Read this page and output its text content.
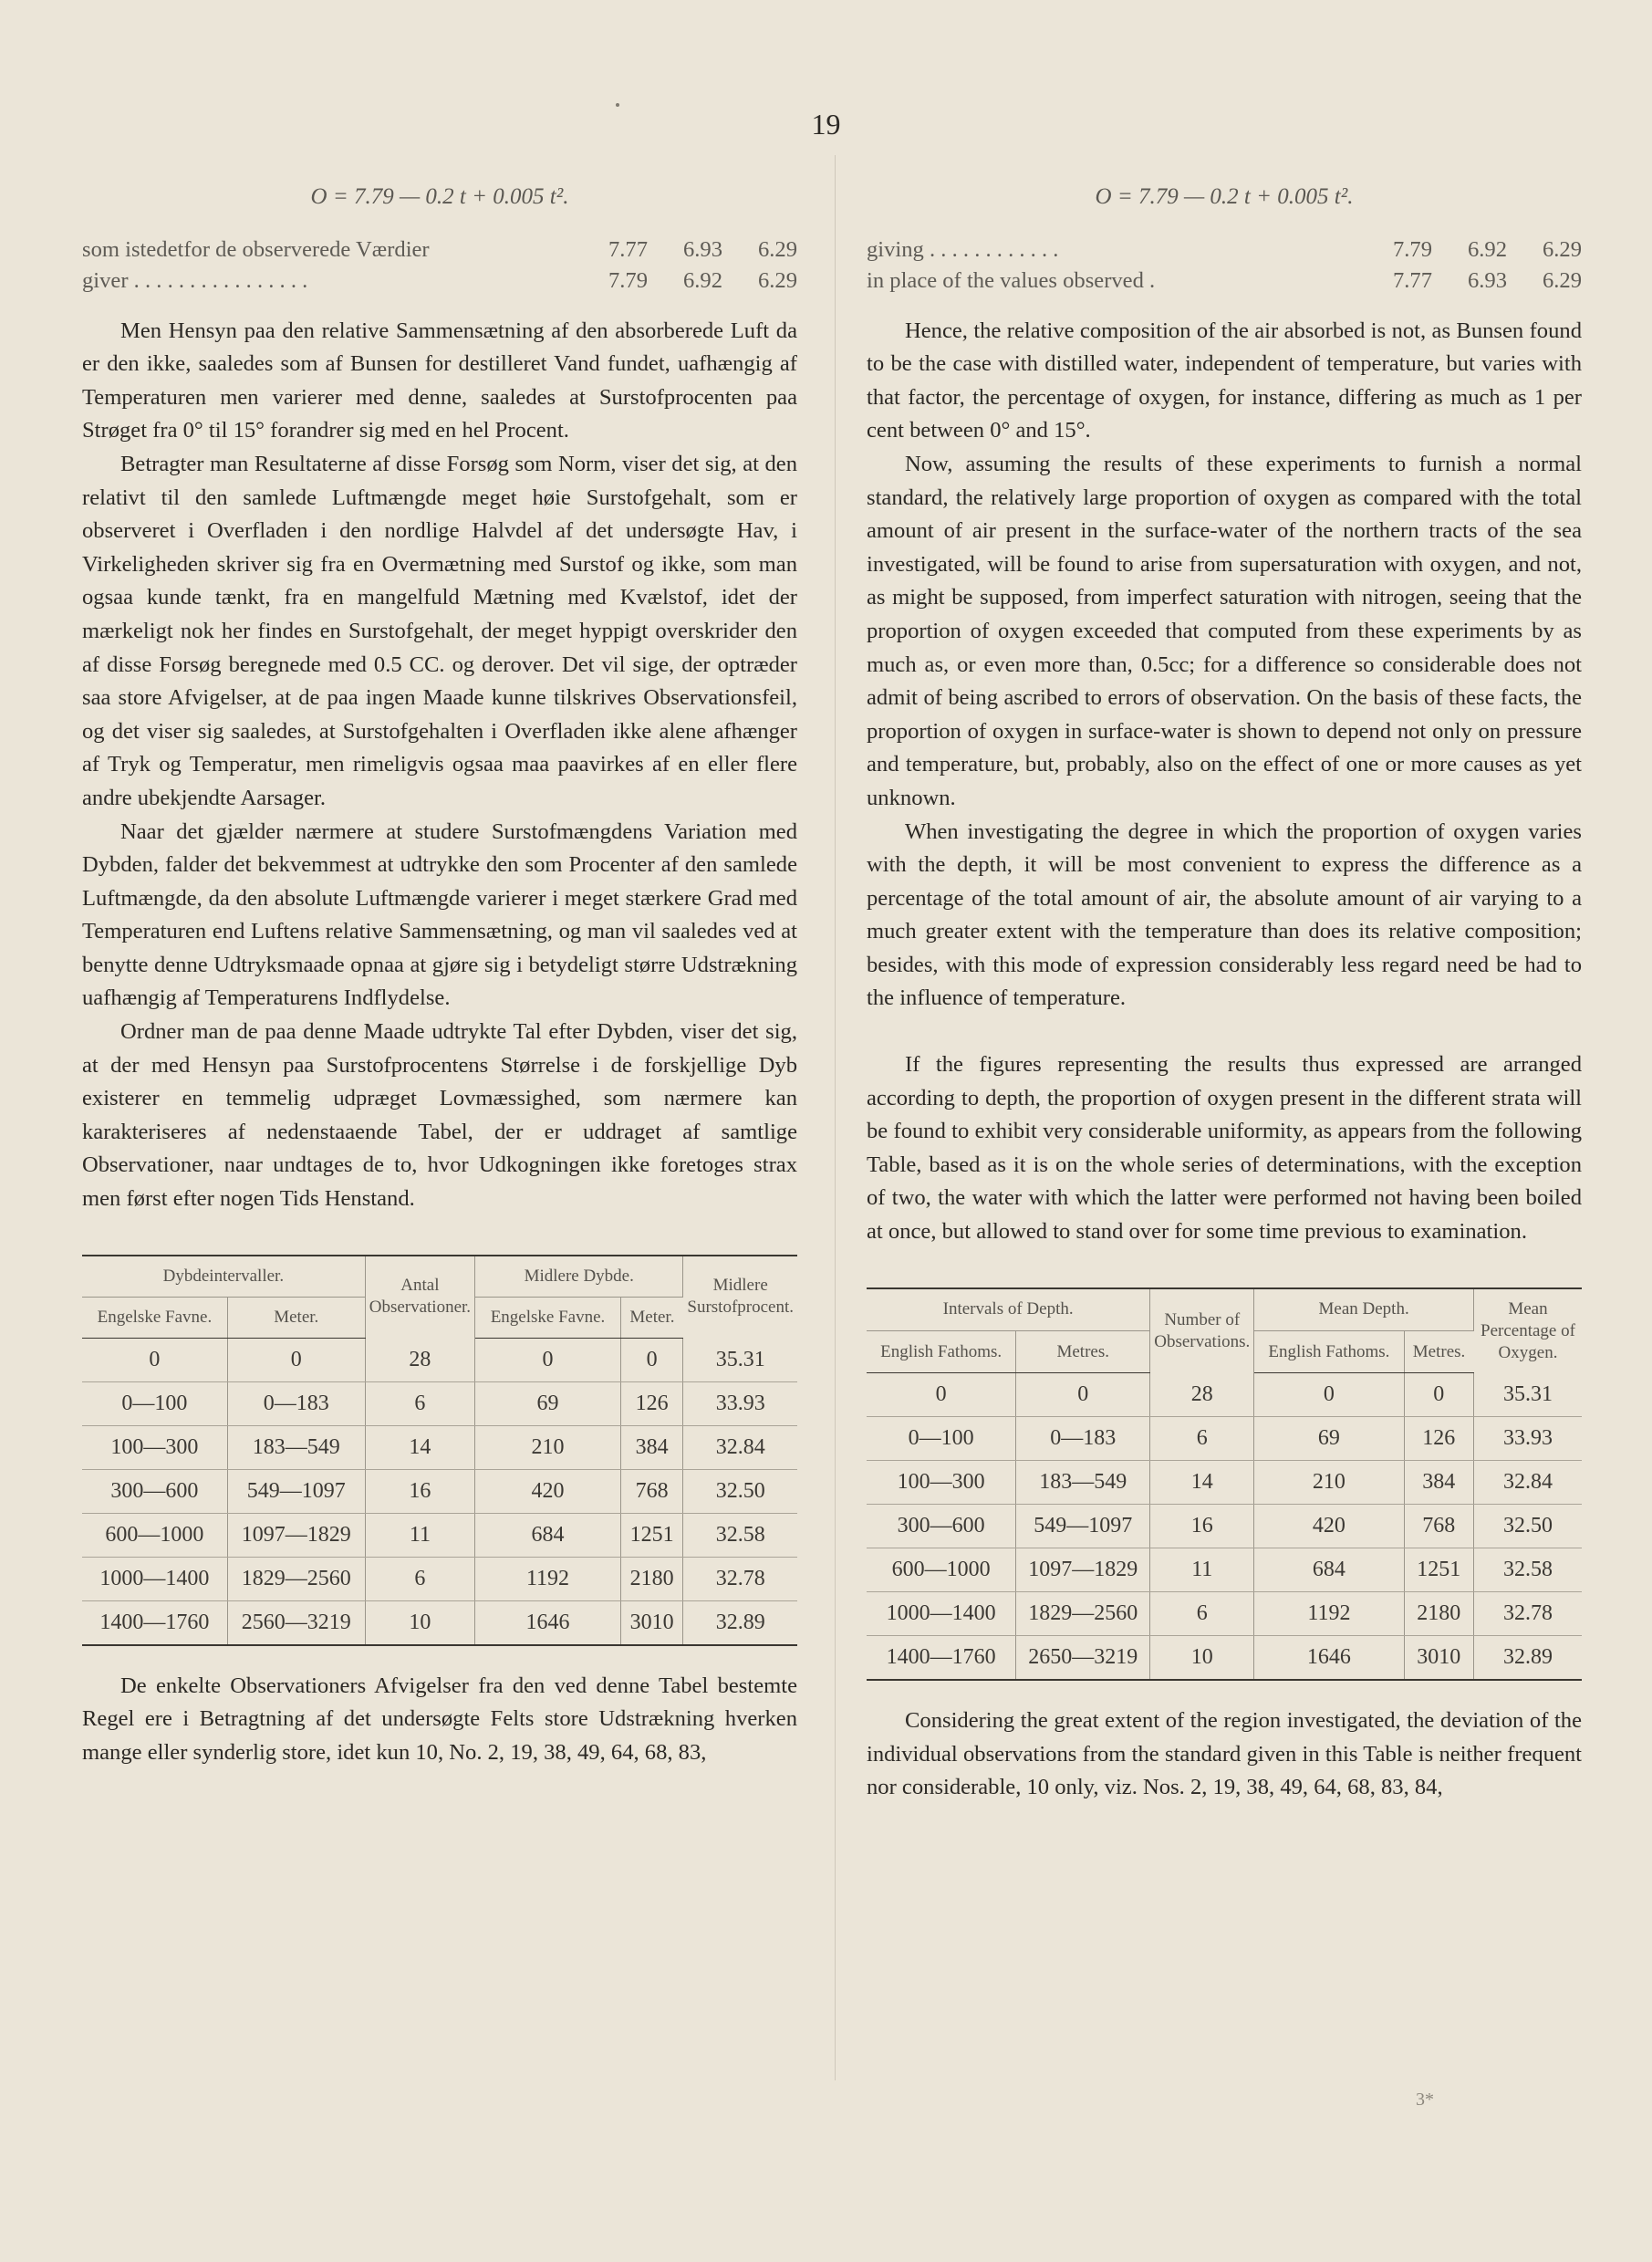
19
O = 7.79 — 0.2 t + 0.005 t².
som istedetfor de observerede Værdier	7.77	6.93	6.29
giver . . . . . . . . . . . . . . . .	7.79	6.92	6.29

Men Hensyn paa den relative Sammensætning af den absorberede Luft da er den ikke, saaledes som af Bunsen for destilleret Vand fundet, uafhængig af Temperaturen men varierer med denne, saaledes at Surstofprocenten paa Strøget fra 0° til 15° forandrer sig med en hel Procent.

Betragter man Resultaterne af disse Forsøg som Norm, viser det sig, at den relativt til den samlede Luftmængde meget høie Surstofgehalt, som er observeret i Overfladen i den nordlige Halvdel af det undersøgte Hav, i Virkeligheden skriver sig fra en Overmætning med Surstof og ikke, som man ogsaa kunde tænkt, fra en mangelfuld Mætning med Kvælstof, idet der mærkeligt nok her findes en Surstofgehalt, der meget hyppigt overskrider den af disse Forsøg beregnede med 0.5 CC. og derover. Det vil sige, der optræder saa store Afvigelser, at de paa ingen Maade kunne tilskrives Observationsfeil, og det viser sig saaledes, at Surstofgehalten i Overfladen ikke alene afhænger af Tryk og Temperatur, men rimeligvis ogsaa maa paavirkes af en eller flere andre ubekjendte Aarsager.

Naar det gjælder nærmere at studere Surstofmængdens Variation med Dybden, falder det bekvemmest at udtrykke den som Procenter af den samlede Luftmængde, da den absolute Luftmængde varierer i meget stærkere Grad med Temperaturen end Luftens relative Sammensætning, og man vil saaledes ved at benytte denne Udtryksmaade opnaa at gjøre sig i betydeligt større Udstrækning uafhængig af Temperaturens Indflydelse.

Ordner man de paa denne Maade udtrykte Tal efter Dybden, viser det sig, at der med Hensyn paa Surstofprocentens Størrelse i de forskjellige Dyb existerer en temmelig udpræget Lovmæssighed, som nærmere kan karakteriseres af nedenstaaende Tabel, der er uddraget af samtlige Observationer, naar undtages de to, hvor Udkogningen ikke foretoges strax men først efter nogen Tids Henstand.

Dybdeintervaller.		Antal Observationer.	Midlere Dybde.		Midlere Surstofprocent.
Engelske Favne.	Meter.		Engelske Favne.	Meter.	
0	0	28	0	0	35.31
0—100	0—183	6	69	126	33.93
100—300	183—549	14	210	384	32.84
300—600	549—1097	16	420	768	32.50
600—1000	1097—1829	11	684	1251	32.58
1000—1400	1829—2560	6	1192	2180	32.78
1400—1760	2560—3219	10	1646	3010	32.89

De enkelte Observationers Afvigelser fra den ved denne Tabel bestemte Regel ere i Betragtning af det undersøgte Felts store Udstrækning hverken mange eller synderlig store, idet kun 10, No. 2, 19, 38, 49, 64, 68, 83,

O = 7.79 — 0.2 t + 0.005 t².
giving . . . . . . . . . . . .	7.79	6.92	6.29
in place of the values observed .	7.77	6.93	6.29

Hence, the relative composition of the air absorbed is not, as Bunsen found to be the case with distilled water, independent of temperature, but varies with that factor, the percentage of oxygen, for instance, differing as much as 1 per cent between 0° and 15°.

Now, assuming the results of these experiments to furnish a normal standard, the relatively large proportion of oxygen as compared with the total amount of air present in the surface-water of the northern tracts of the sea investigated, will be found to arise from supersaturation with oxygen, and not, as might be supposed, from imperfect saturation with nitrogen, seeing that the proportion of oxygen exceeded that computed from these experiments by as much as, or even more than, 0.5cc; for a difference so considerable does not admit of being ascribed to errors of observation. On the basis of these facts, the proportion of oxygen in surface-water is shown to depend not only on pressure and temperature, but, probably, also on the effect of one or more causes as yet unknown.

When investigating the degree in which the proportion of oxygen varies with the depth, it will be most convenient to express the difference as a percentage of the total amount of air, the absolute amount of air varying to a much greater extent with the temperature than does its relative composition; besides, with this mode of expression considerably less regard need be had to the influence of temperature.

If the figures representing the results thus expressed are arranged according to depth, the proportion of oxygen present in the different strata will be found to exhibit very considerable uniformity, as appears from the following Table, based as it is on the whole series of determinations, with the exception of two, the water with which the latter were performed not having been boiled at once, but allowed to stand over for some time previous to examination.

Intervals of Depth.		Number of Observations.	Mean Depth.		Mean Percentage of Oxygen.
English Fathoms.	Metres.		English Fathoms.	Metres.	
0	0	28	0	0	35.31
0—100	0—183	6	69	126	33.93
100—300	183—549	14	210	384	32.84
300—600	549—1097	16	420	768	32.50
600—1000	1097—1829	11	684	1251	32.58
1000—1400	1829—2560	6	1192	2180	32.78
1400—1760	2650—3219	10	1646	3010	32.89

Considering the great extent of the region investigated, the deviation of the individual observations from the standard given in this Table is neither frequent nor considerable, 10 only, viz. Nos. 2, 19, 38, 49, 64, 68, 83, 84,

3*
